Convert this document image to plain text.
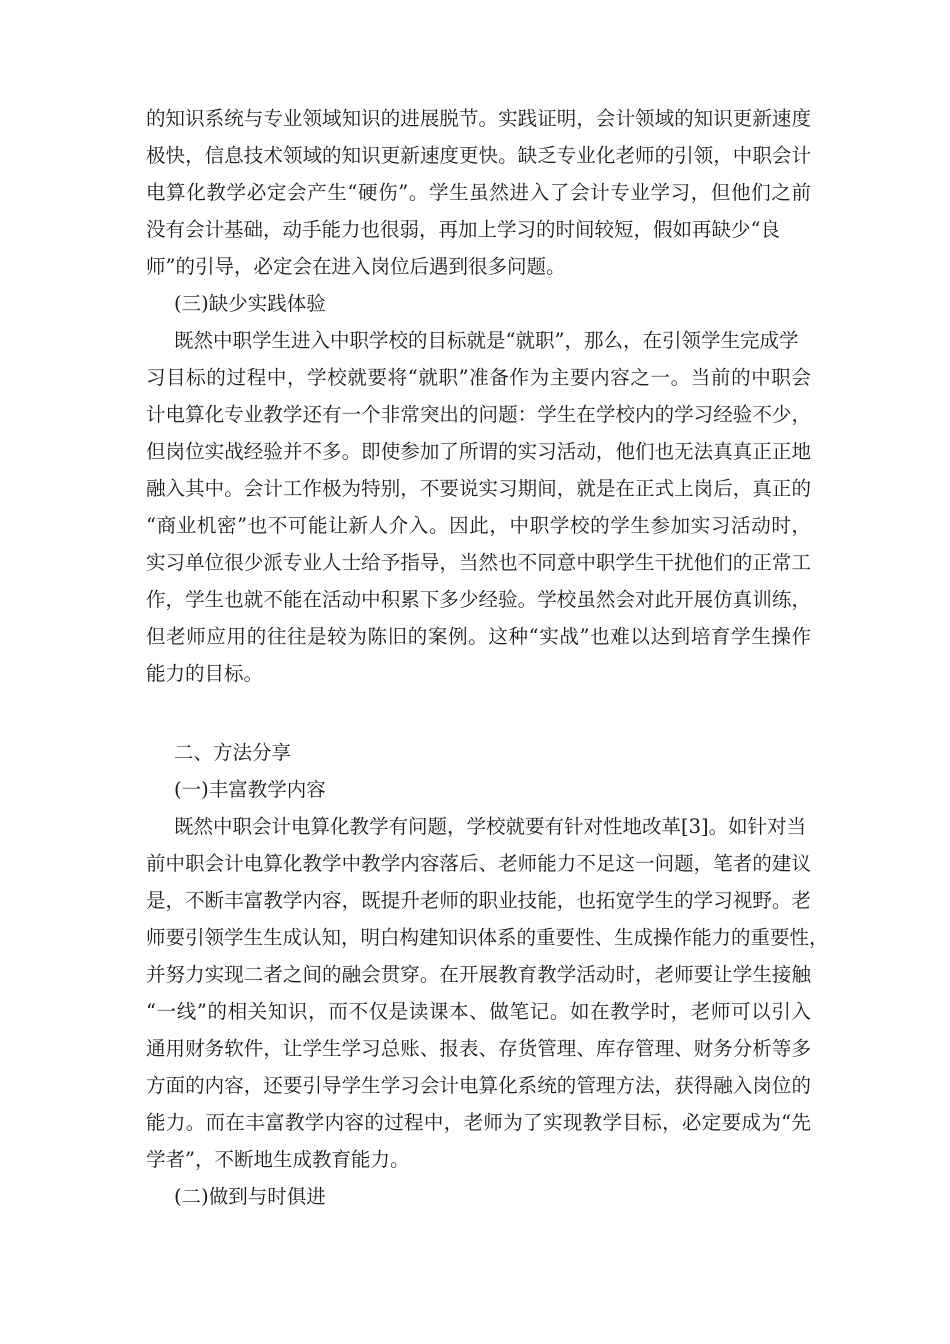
的知识系统与专业领域知识的进展脱节。实践证明，会计领域的知识更新速度
极快，信息技术领域的知识更新速度更快。缺乏专业化老师的引领，中职会计
电算化教学必定会产生“硬伤”。学生虽然进入了会计专业学习，但他们之前
没有会计基础，动手能力也很弱，再加上学习的时间较短，假如再缺少“良
师”的引导，必定会在进入岗位后遇到很多问题。
(三)缺少实践体验
既然中职学生进入中职学校的目标就是“就职”，那么，在引领学生完成学
习目标的过程中，学校就要将“就职”准备作为主要内容之一。当前的中职会
计电算化专业教学还有一个非常突出的问题：学生在学校内的学习经验不少，
但岗位实战经验并不多。即使参加了所谓的实习活动，他们也无法真真正正地
融入其中。会计工作极为特别，不要说实习期间，就是在正式上岗后，真正的
“商业机密”也不可能让新人介入。因此，中职学校的学生参加实习活动时，
实习单位很少派专业人士给予指导，当然也不同意中职学生干扰他们的正常工
作，学生也就不能在活动中积累下多少经验。学校虽然会对此开展仿真训练，
但老师应用的往往是较为陈旧的案例。这种“实战”也难以达到培育学生操作
能力的目标。
二、方法分享
(一)丰富教学内容
既然中职会计电算化教学有问题，学校就要有针对性地改革[3]。如针对当
前中职会计电算化教学中教学内容落后、老师能力不足这一问题，笔者的建议
是，不断丰富教学内容，既提升老师的职业技能，也拓宽学生的学习视野。老
师要引领学生生成认知，明白构建知识体系的重要性、生成操作能力的重要性，
并努力实现二者之间的融会贯穿。在开展教育教学活动时，老师要让学生接触
“一线”的相关知识，而不仅是读课本、做笔记。如在教学时，老师可以引入
通用财务软件，让学生学习总账、报表、存货管理、库存管理、财务分析等多
方面的内容，还要引导学生学习会计电算化系统的管理方法，获得融入岗位的
能力。而在丰富教学内容的过程中，老师为了实现教学目标，必定要成为“先
学者”，不断地生成教育能力。
(二)做到与时俱进
